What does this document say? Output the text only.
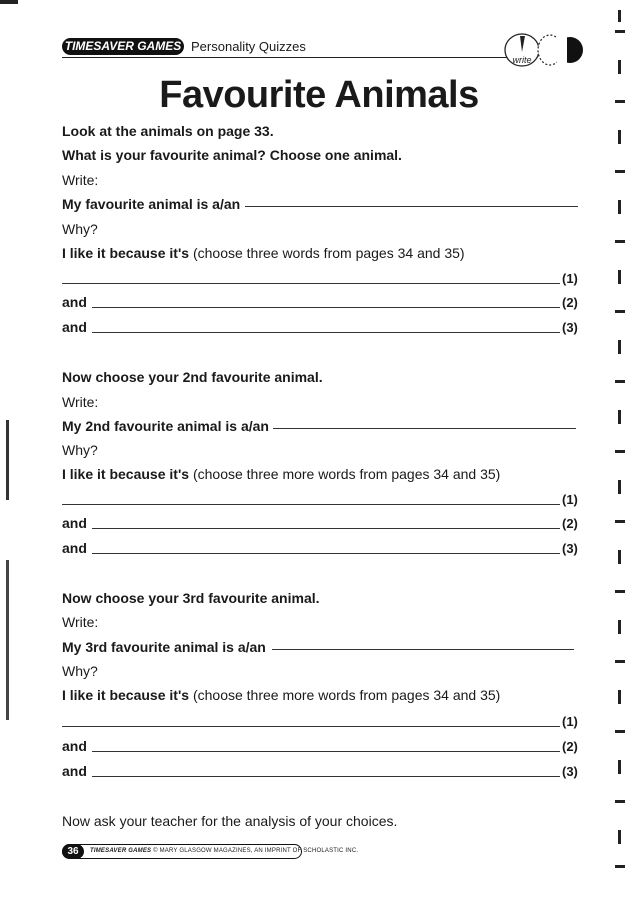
TIMESAVER GAMES Personality Quizzes
write
Favourite Animals
Look at the animals on page 33.
What is your favourite animal? Choose one animal.
Write:
My favourite animal is a/an
Why?
I like it because it's (choose three words from pages 34 and 35)
(1)
and	(2)
and	(3)
Now choose your 2nd favourite animal.
Write:
My 2nd favourite animal is a/an
Why?
I like it because it's (choose three more words from pages 34 and 35)
(1)
and	(2)
and	(3)
Now choose your 3rd favourite animal.
Write:
My 3rd favourite animal is a/an
Why?
I like it because it's (choose three more words from pages 34 and 35)
(1)
and	(2)
and	(3)
Now ask your teacher for the analysis of your choices.
36	TIMESAVER GAMES © MARY GLASGOW MAGAZINES, AN IMPRINT OF SCHOLASTIC INC.
